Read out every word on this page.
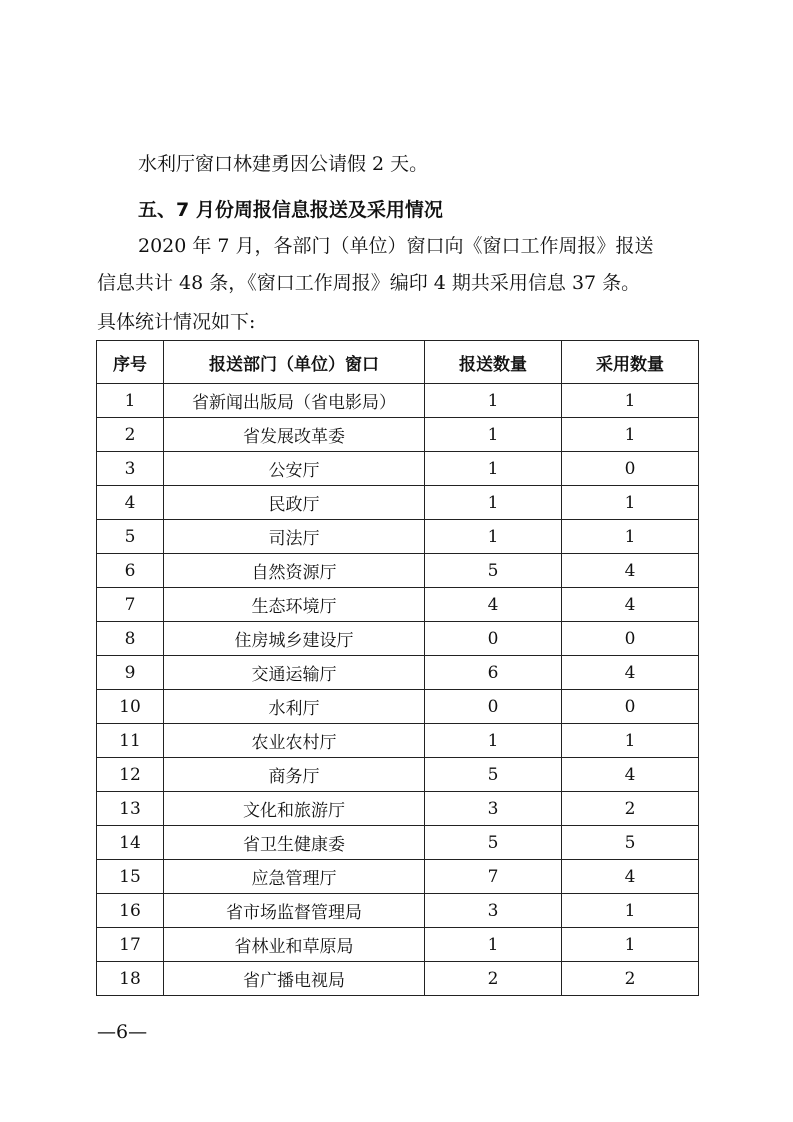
水利厅窗口林建勇因公请假 2 天。
五、7 月份周报信息报送及采用情况
2020 年 7 月，各部门（单位）窗口向《窗口工作周报》报送
信息共计 48 条，《窗口工作周报》编印 4 期共采用信息 37 条。
具体统计情况如下:
序号	报送部门（单位）窗口	报送数量	采用数量
1	省新闻出版局（省电影局）	1	1
2	省发展改革委	1	1
3	公安厅	1	0
4	民政厅	1	1
5	司法厅	1	1
6	自然资源厅	5	4
7	生态环境厅	4	4
8	住房城乡建设厅	0	0
9	交通运输厅	6	4
10	水利厅	0	0
11	农业农村厅	1	1
12	商务厅	5	4
13	文化和旅游厅	3	2
14	省卫生健康委	5	5
15	应急管理厅	7	4
16	省市场监督管理局	3	1
17	省林业和草原局	1	1
18	省广播电视局	2	2
—6—
